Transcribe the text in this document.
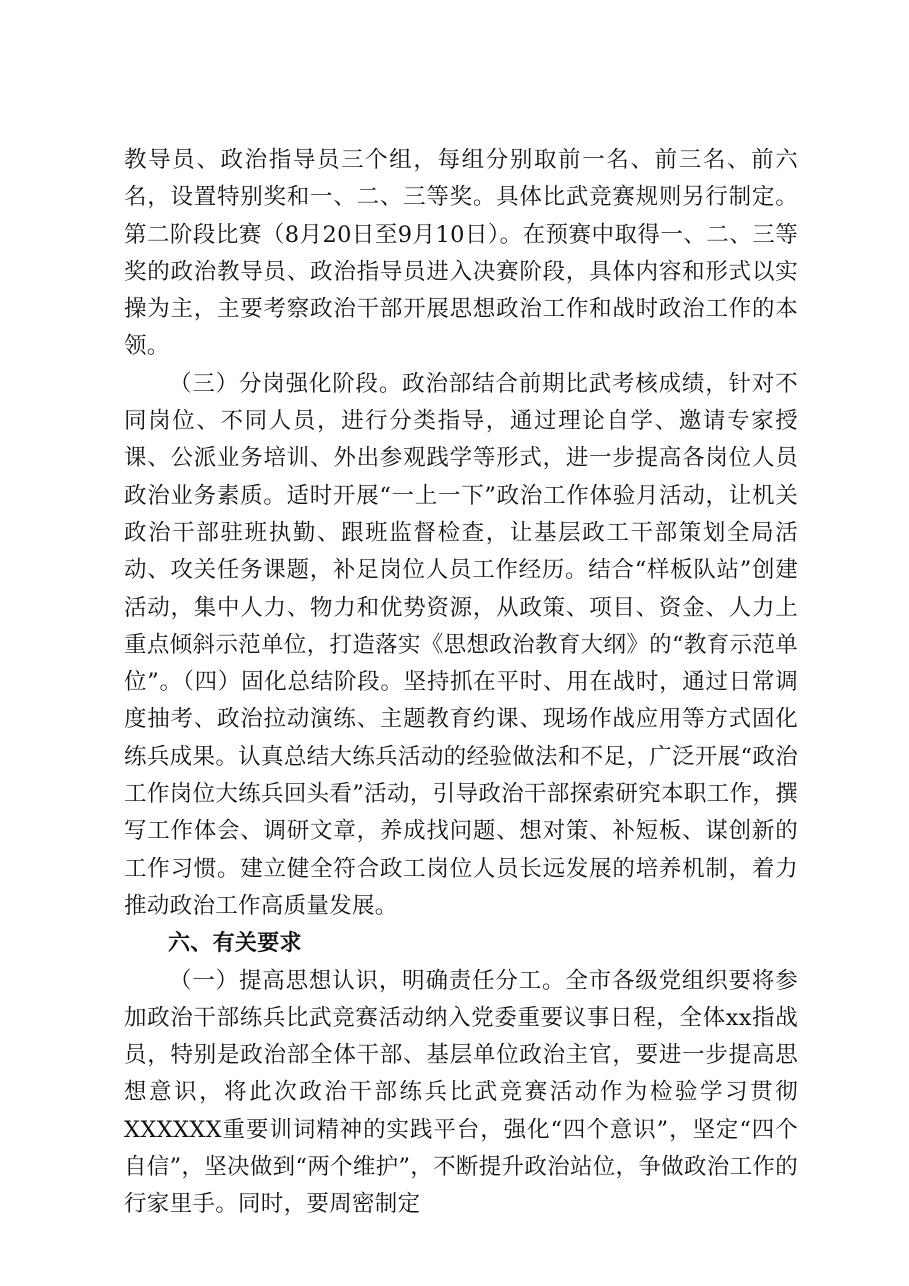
教导员、政治指导员三个组，每组分别取前一名、前三名、前六名，设置特别奖和一、二、三等奖。具体比武竞赛规则另行制定。第二阶段比赛（8月20日至9月10日）。在预赛中取得一、二、三等奖的政治教导员、政治指导员进入决赛阶段，具体内容和形式以实操为主，主要考察政治干部开展思想政治工作和战时政治工作的本领。

（三）分岗强化阶段。政治部结合前期比武考核成绩，针对不同岗位、不同人员，进行分类指导，通过理论自学、邀请专家授课、公派业务培训、外出参观践学等形式，进一步提高各岗位人员政治业务素质。适时开展“一上一下”政治工作体验月活动，让机关政治干部驻班执勤、跟班监督检查，让基层政工干部策划全局活动、攻关任务课题，补足岗位人员工作经历。结合“样板队站”创建活动，集中人力、物力和优势资源，从政策、项目、资金、人力上重点倾斜示范单位，打造落实《思想政治教育大纲》的“教育示范单位”。（四）固化总结阶段。坚持抓在平时、用在战时，通过日常调度抽考、政治拉动演练、主题教育约课、现场作战应用等方式固化练兵成果。认真总结大练兵活动的经验做法和不足，广泛开展“政治工作岗位大练兵回头看”活动，引导政治干部探索研究本职工作，撰写工作体会、调研文章，养成找问题、想对策、补短板、谋创新的工作习惯。建立健全符合政工岗位人员长远发展的培养机制，着力推动政治工作高质量发展。

六、有关要求

（一）提高思想认识，明确责任分工。全市各级党组织要将参加政治干部练兵比武竞赛活动纳入党委重要议事日程，全体xx指战员，特别是政治部全体干部、基层单位政治主官，要进一步提高思想意识，将此次政治干部练兵比武竞赛活动作为检验学习贯彻XXXXXX重要训词精神的实践平台，强化“四个意识”，坚定“四个自信”，坚决做到“两个维护”，不断提升政治站位，争做政治工作的行家里手。同时，要周密制定
